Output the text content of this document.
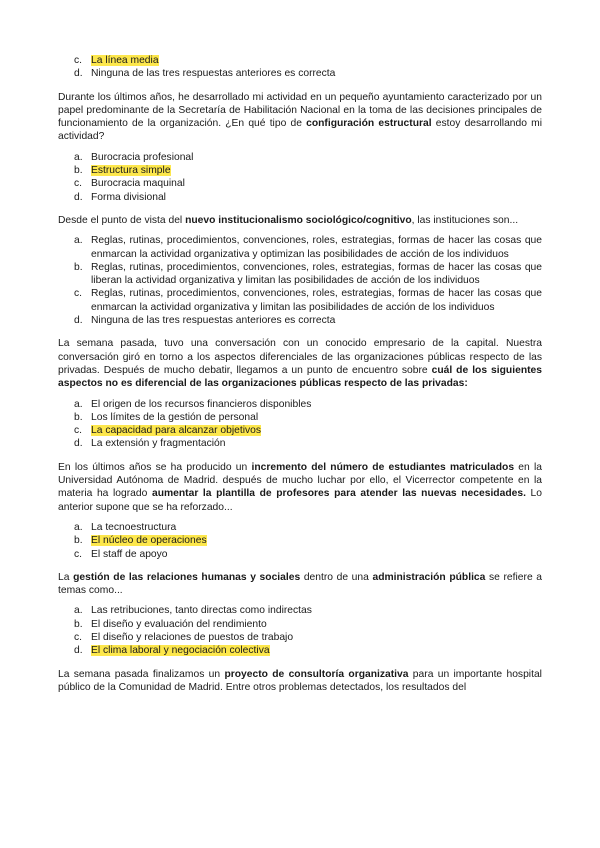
c. La línea media
d. Ninguna de las tres respuestas anteriores es correcta

Durante los últimos años, he desarrollado mi actividad en un pequeño ayuntamiento caracterizado por un papel predominante de la Secretaría de Habilitación Nacional en la toma de las decisiones principales de funcionamiento de la organización. ¿En qué tipo de configuración estructural estoy desarrollando mi actividad?

a. Burocracia profesional
b. Estructura simple
c. Burocracia maquinal
d. Forma divisional

Desde el punto de vista del nuevo institucionalismo sociológico/cognitivo, las instituciones son...

a. Reglas, rutinas, procedimientos, convenciones, roles, estrategias, formas de hacer las cosas que enmarcan la actividad organizativa y optimizan las posibilidades de acción de los individuos
b. Reglas, rutinas, procedimientos, convenciones, roles, estrategias, formas de hacer las cosas que liberan la actividad organizativa y limitan las posibilidades de acción de los individuos
c. Reglas, rutinas, procedimientos, convenciones, roles, estrategias, formas de hacer las cosas que enmarcan la actividad organizativa y limitan las posibilidades de acción de los individuos
d. Ninguna de las tres respuestas anteriores es correcta

La semana pasada, tuvo una conversación con un conocido empresario de la capital. Nuestra conversación giró en torno a los aspectos diferenciales de las organizaciones públicas respecto de las privadas. Después de mucho debatir, llegamos a un punto de encuentro sobre cuál de los siguientes aspectos no es diferencial de las organizaciones públicas respecto de las privadas:

a. El origen de los recursos financieros disponibles
b. Los límites de la gestión de personal
c. La capacidad para alcanzar objetivos
d. La extensión y fragmentación

En los últimos años se ha producido un incremento del número de estudiantes matriculados en la Universidad Autónoma de Madrid. después de mucho luchar por ello, el Vicerrector competente en la materia ha logrado aumentar la plantilla de profesores para atender las nuevas necesidades. Lo anterior supone que se ha reforzado...

a. La tecnoestructura
b. El núcleo de operaciones
c. El staff de apoyo

La gestión de las relaciones humanas y sociales dentro de una administración pública se refiere a temas como...

a. Las retribuciones, tanto directas como indirectas
b. El diseño y evaluación del rendimiento
c. El diseño y relaciones de puestos de trabajo
d. El clima laboral y negociación colectiva

La semana pasada finalizamos un proyecto de consultoría organizativa para un importante hospital público de la Comunidad de Madrid. Entre otros problemas detectados, los resultados del
